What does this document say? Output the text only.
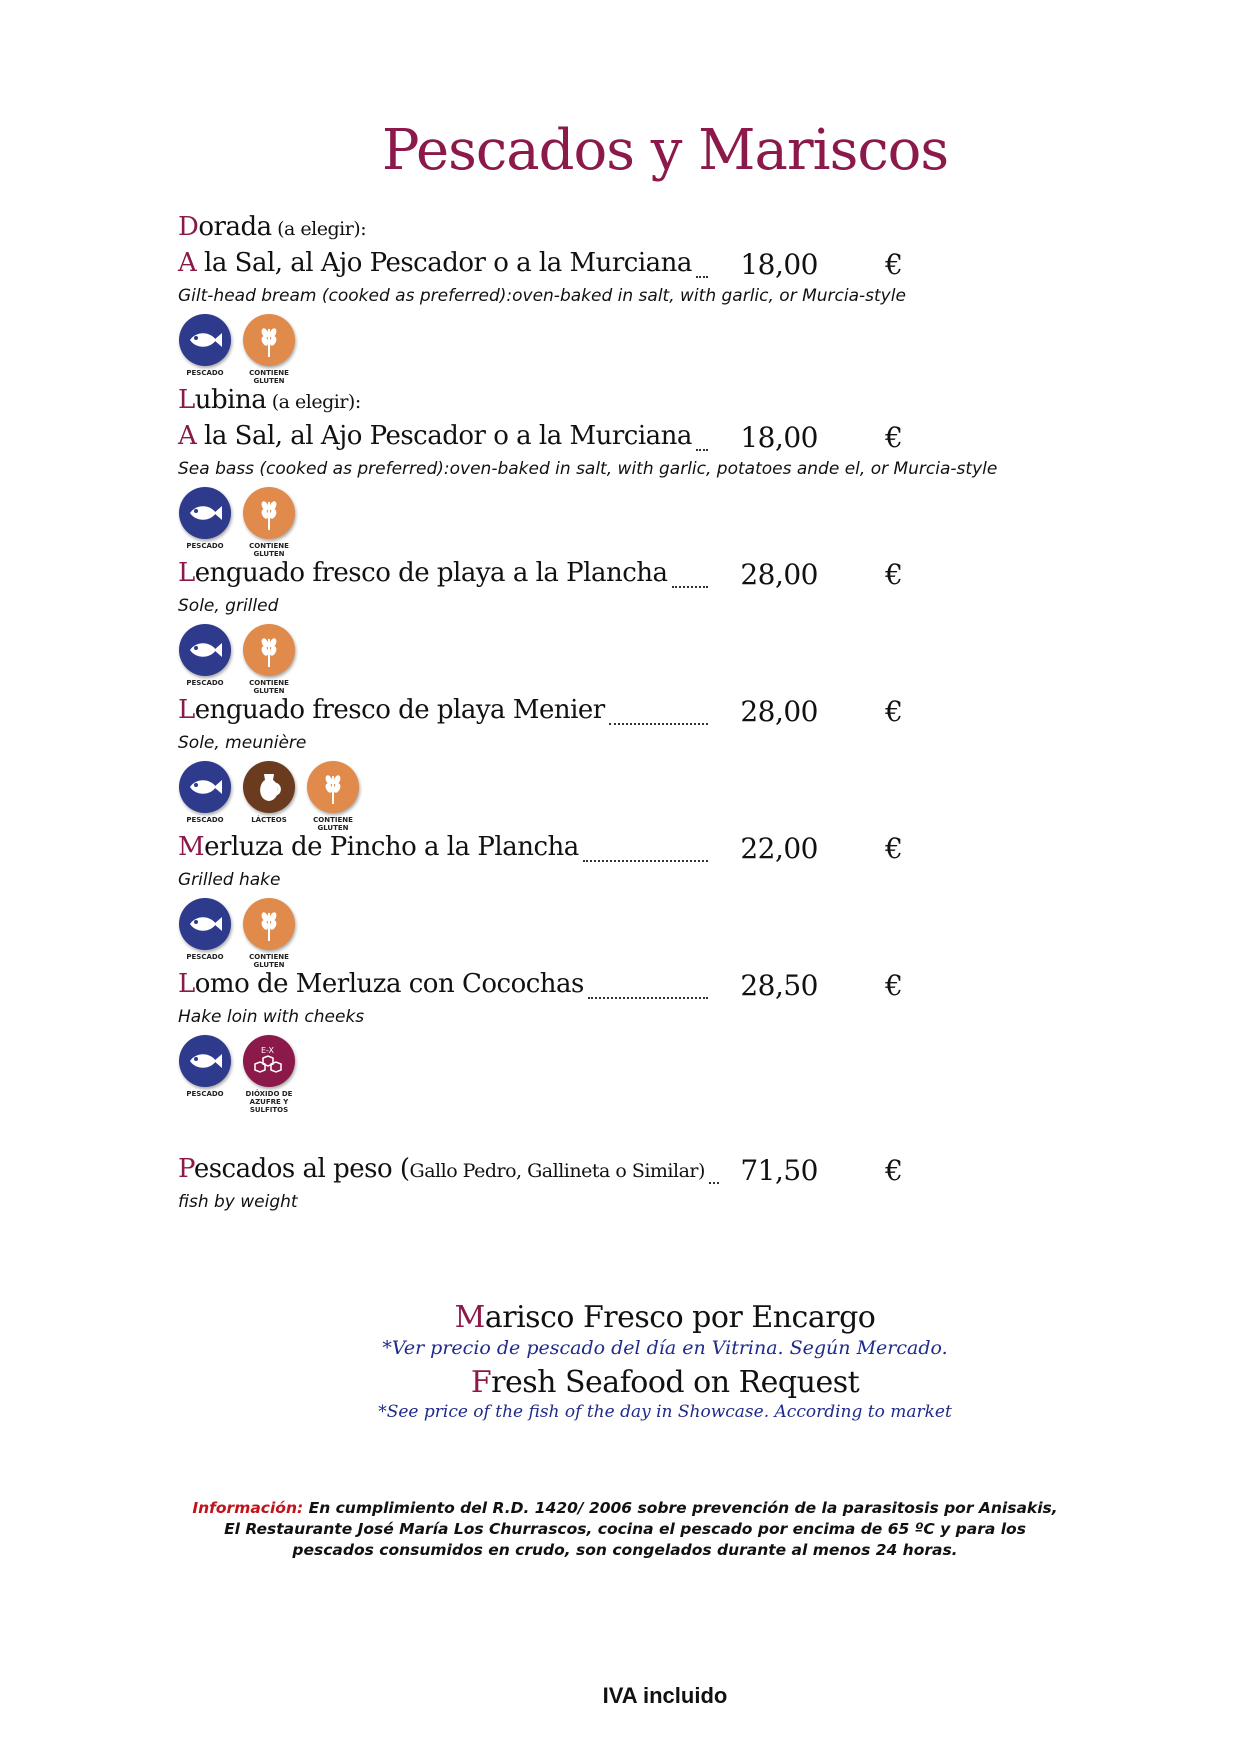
Pescados y Mariscos
Dorada (a elegir):
A la Sal, al Ajo Pescador o a la Murciana 18,00 €
Gilt-head bream (cooked as preferred):oven-baked in salt, with garlic, or Murcia-style
PESCADO	CONTIENE GLUTEN
Lubina (a elegir):
A la Sal, al Ajo Pescador o a la Murciana 18,00 €
Sea bass (cooked as preferred):oven-baked in salt, with garlic, potatoes ande el, or Murcia-style
PESCADO	CONTIENE GLUTEN
Lenguado fresco de playa a la Plancha	28,00 €
Sole, grilled
PESCADO	CONTIENE GLUTEN
Lenguado fresco de playa Menier	28,00 €
Sole, meunière
PESCADO	LÁCTEOS	CONTIENE GLUTEN
Merluza de Pincho a la Plancha	22,00 €
Grilled hake
PESCADO	CONTIENE GLUTEN
Lomo de Merluza con Cocochas	28,50 €
Hake loin with cheeks
PESCADO
E-X
DIÓXIDO DE AZUFRE Y SULFITOS
Pescados al peso (Gallo Pedro, Gallineta o Similar) 71,50 €
fish by weight
Marisco Fresco por Encargo
*Ver precio de pescado del día en Vitrina. Según Mercado.
Fresh Seafood on Request
*See price of the fish of the day in Showcase. According to market
Información: En cumplimiento del R.D. 1420/ 2006 sobre prevención de la parasitosis por Anisakis, El Restaurante José María Los Churrascos, cocina el pescado por encima de 65 ºC y para los pescados consumidos en crudo, son congelados durante al menos 24 horas.
IVA incluido
